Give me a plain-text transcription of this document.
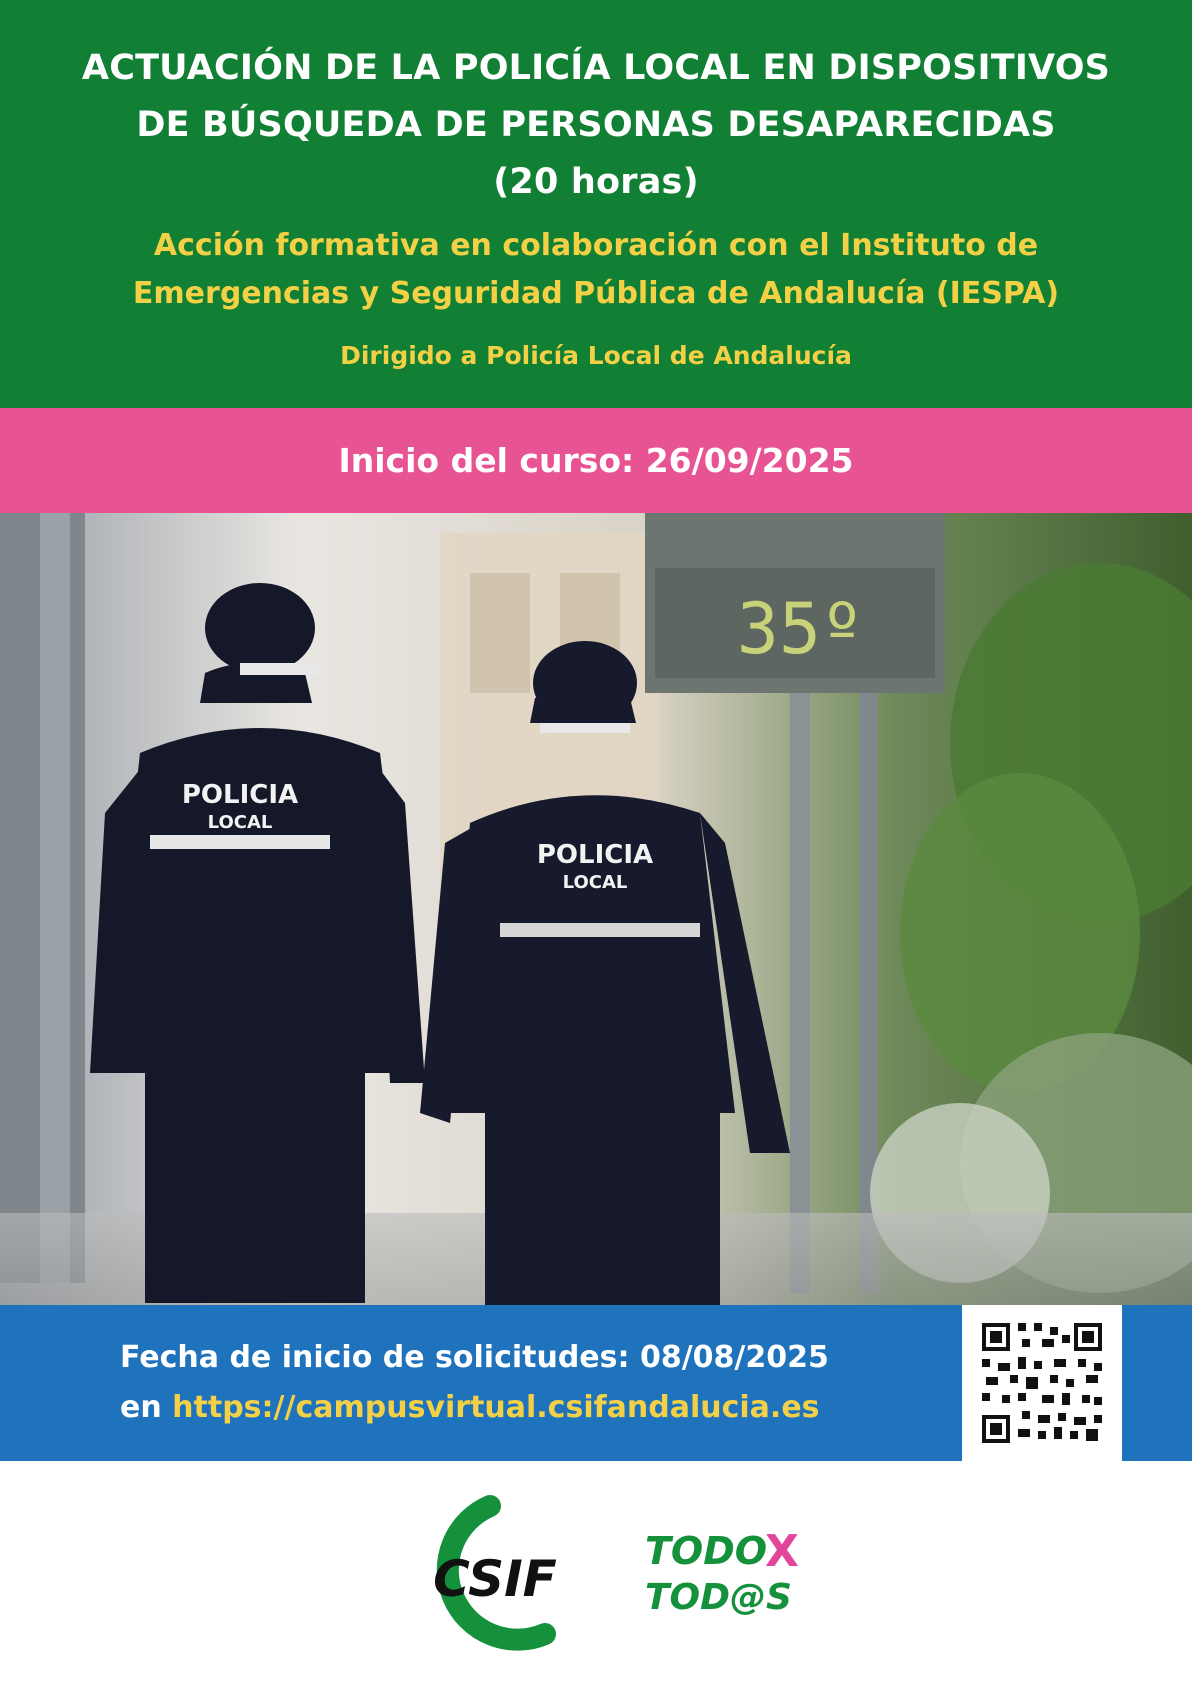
ACTUACIÓN DE LA POLICÍA LOCAL EN DISPOSITIVOS
DE BÚSQUEDA DE PERSONAS DESAPARECIDAS
(20 horas)

Acción formativa en colaboración con el Instituto de
Emergencias y Seguridad Pública de Andalucía (IESPA)

Dirigido a Policía Local de Andalucía

Inicio del curso: 26/09/2025
35º
POLICIA
LOCAL
POLICIA
LOCAL
Fecha de inicio de solicitudes: 08/08/2025
en https://campusvirtual.csifandalucia.es
CSIF TODO
X
TOD@S
